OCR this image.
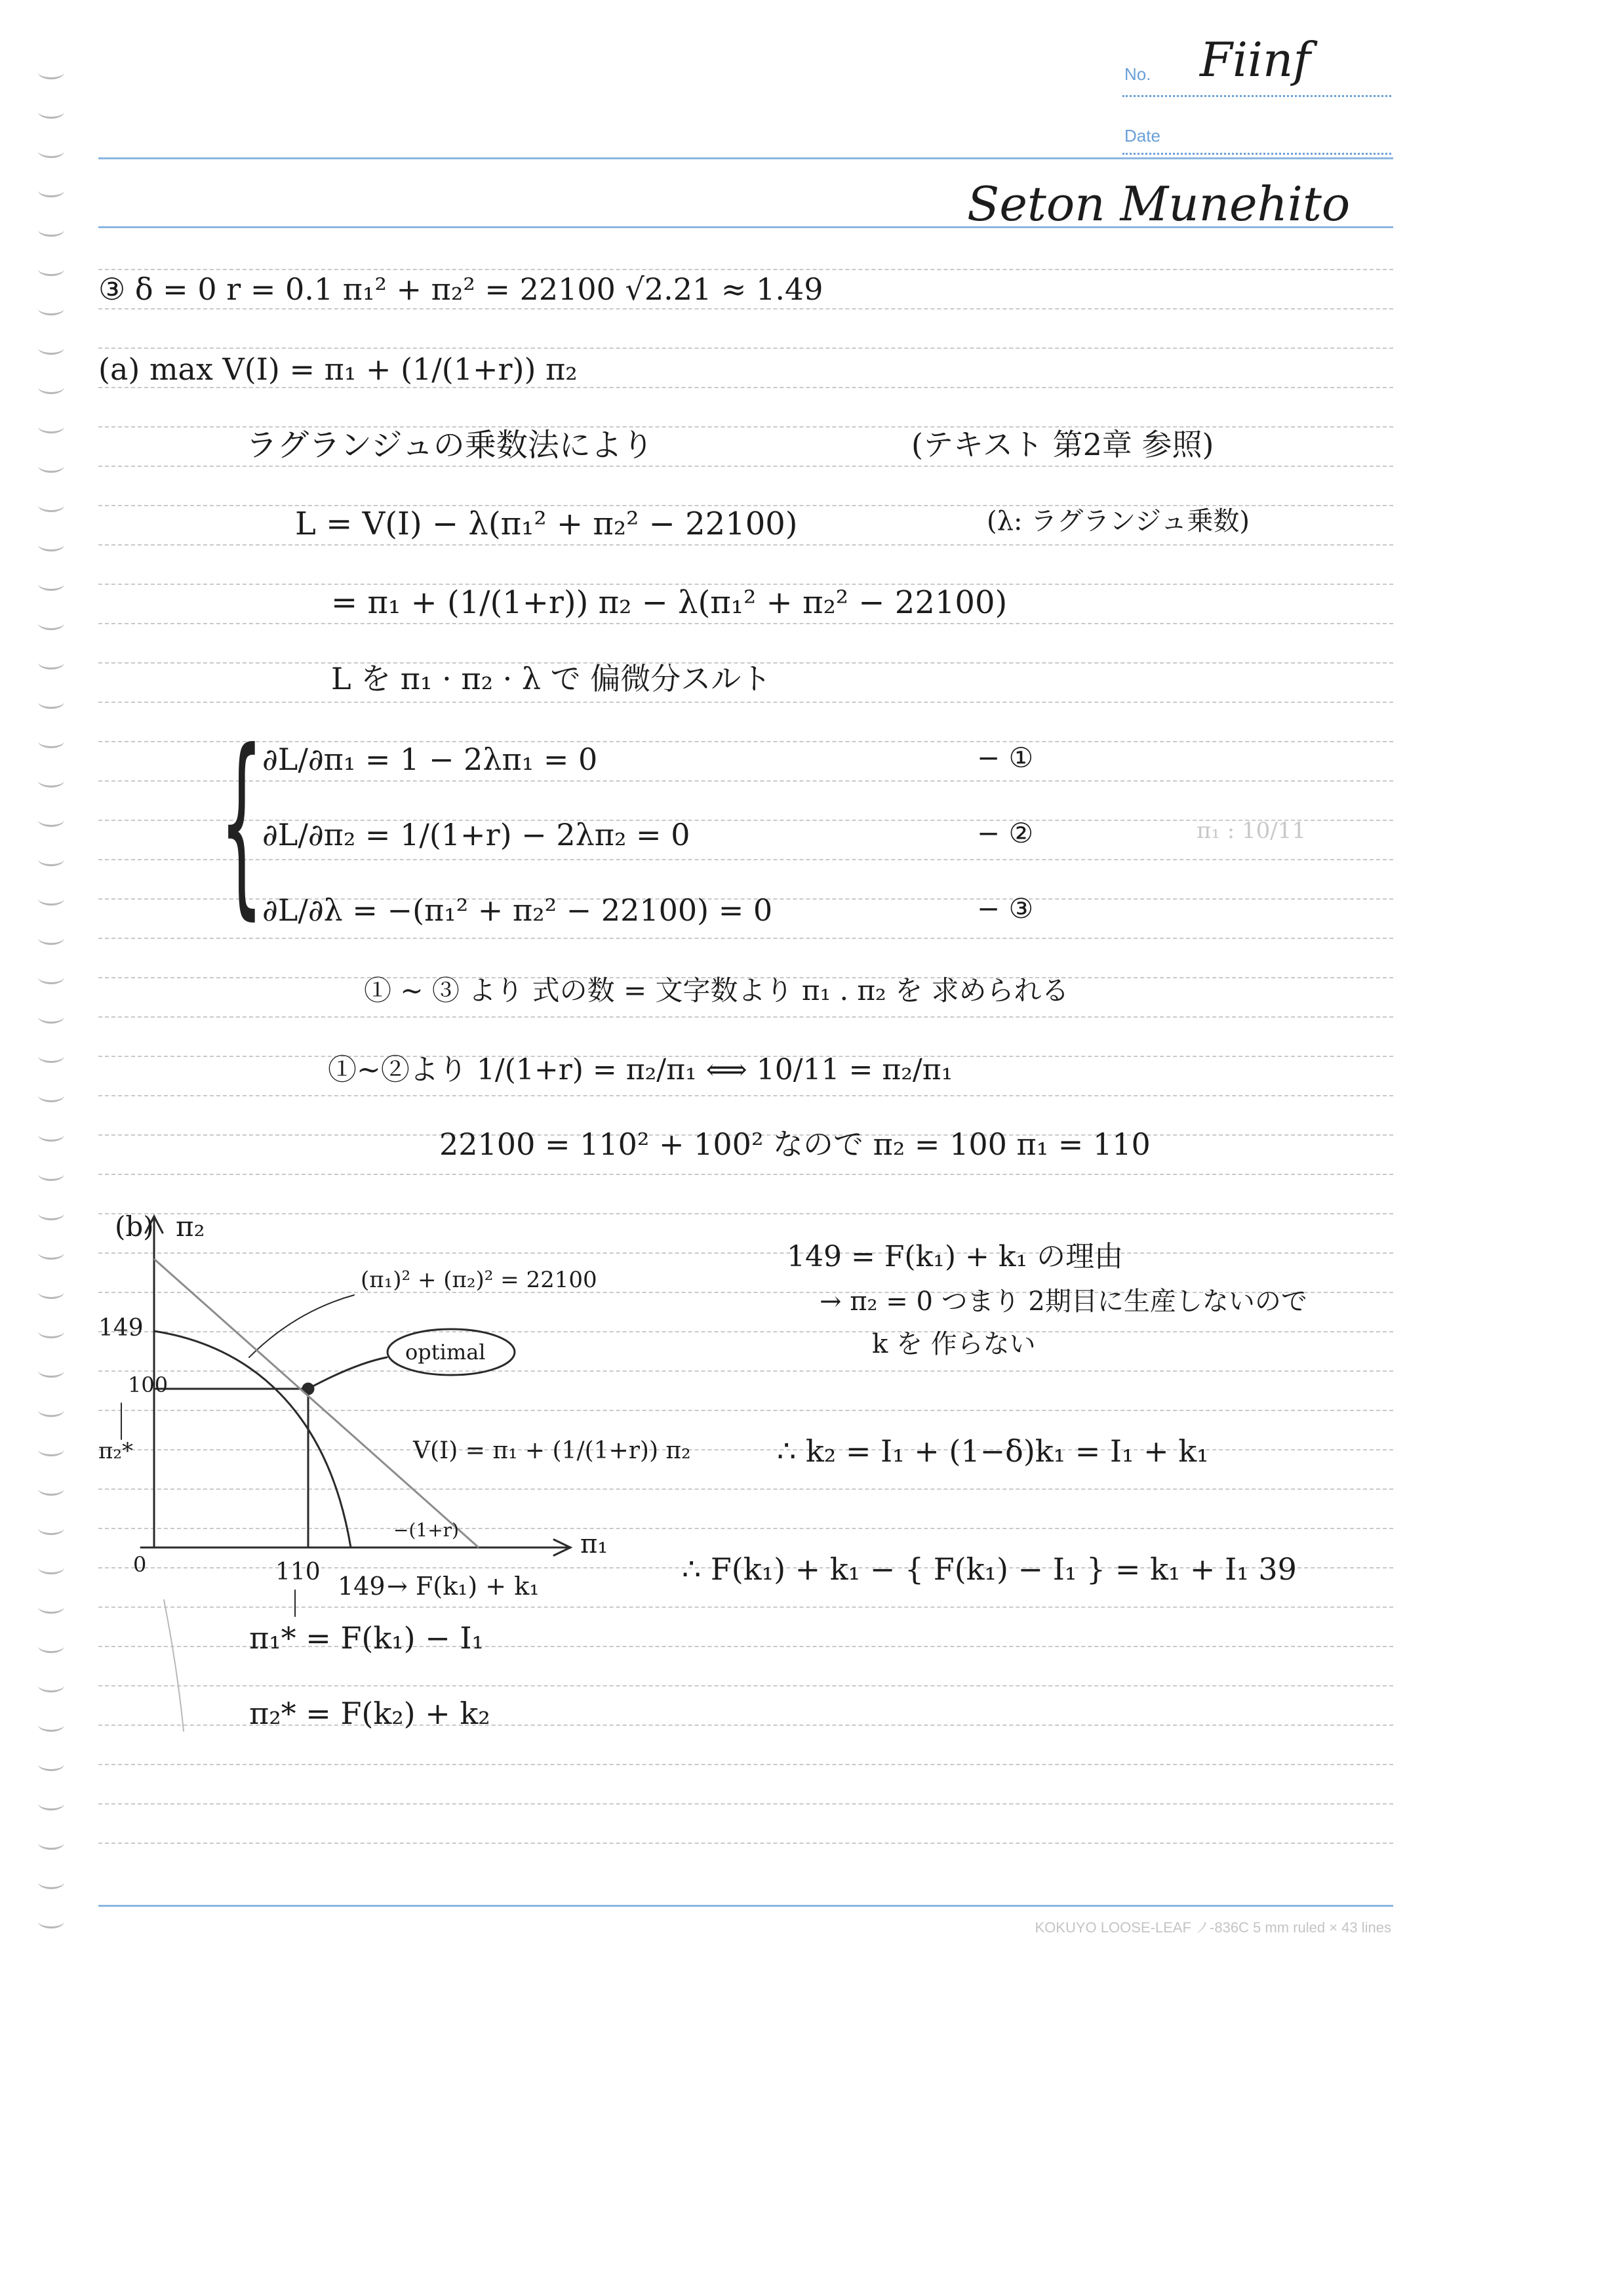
No. Fiinf
Date
Seton Munehito
③ δ = 0 r = 0.1 π₁² + π₂² = 22100 √2.21 ≈ 1.49
(a) max V(I) = π₁ + (1/(1+r)) π₂
ラグランジュの乗数法により	(テキスト 第2章 参照)
L = V(I) − λ(π₁² + π₂² − 22100)	(λ: ラグランジュ乗数)
= π₁ + (1/(1+r)) π₂ − λ(π₁² + π₂² − 22100)
L を π₁ · π₂ · λ で 偏微分スルト
{
∂L/∂π₁ = 1 − 2λπ₁ = 0	− ①
∂L/∂π₂ = 1/(1+r) − 2λπ₂ = 0	− ②	π₁ : 10/11
∂L/∂λ = −(π₁² + π₂² − 22100) = 0	− ③
① ~ ③ より 式の数 = 文字数より π₁ . π₂ を 求められる
①~②より 1/(1+r) = π₂/π₁ ⟺ 10/11 = π₂/π₁
22100 = 110² + 100² なので π₂ = 100 π₁ = 110
149 = F(k₁) + k₁ の理由
→ π₂ = 0 つまり 2期目に生産しないので
k を 作らない
∴ k₂ = I₁ + (1−δ)k₁ = I₁ + k₁
∴ F(k₁) + k₁ − { F(k₁) − I₁ } = k₁ + I₁ 39
π₁* = F(k₁) − I₁
π₂* = F(k₂) + k₂
(b) π₂
149
100
π₂*
0
π₁
110 149 → F(k₁) + k₁
(π₁)² + (π₂)² = 22100
optimal
V(I) = π₁ + (1/(1+r)) π₂
−(1+r)
KOKUYO LOOSE-LEAF ノ-836C 5 mm ruled × 43 lines
